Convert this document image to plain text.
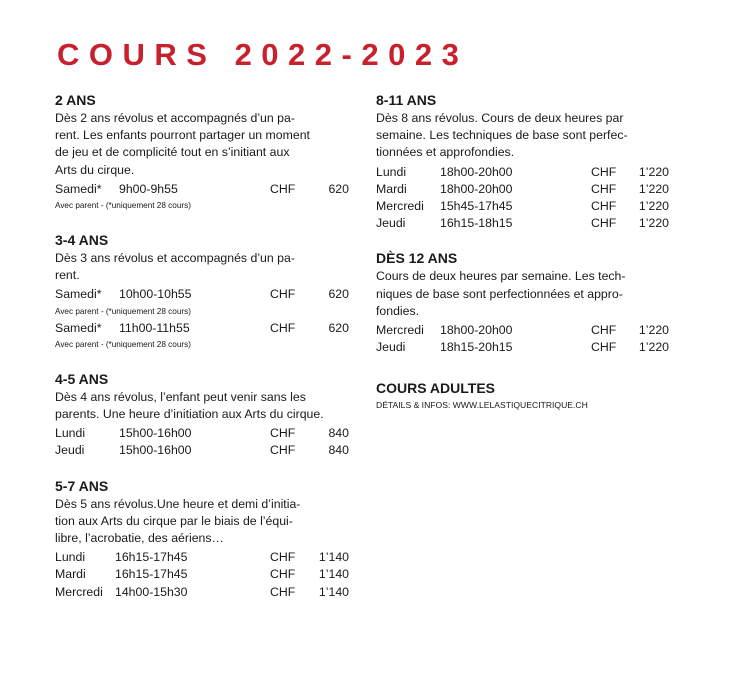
COURS 2022-2023
2 ANS
Dès 2 ans révolus et accompagnés d’un pa-
rent. Les enfants pourront partager un moment
de jeu et de complicité tout en s’initiant aux
Arts du cirque.
Samedi* 9h00-9h55	CHF	620
Avec parent - (*uniquement 28 cours)
3-4 ANS
Dès 3 ans révolus et accompagnés d’un pa-
rent.
Samedi* 10h00-10h55	CHF	620
Avec parent - (*uniquement 28 cours)
Samedi* 11h00-11h55	CHF	620
Avec parent - (*uniquement 28 cours)
4-5 ANS
Dès 4 ans révolus, l’enfant peut venir sans les
parents. Une heure d’initiation aux Arts du cirque.
Lundi	15h00-16h00	CHF	840
Jeudi	15h00-16h00	CHF	840
5-7 ANS
Dès 5 ans révolus.Une heure et demi d’initia-
tion aux Arts du cirque par le biais de l’équi-
libre, l’acrobatie, des aériens…
Lundi 16h15-17h45	CHF 1’140
Mardi 16h15-17h45	CHF 1’140
Mercredi 14h00-15h30	CHF 1’140
8-11 ANS
Dès 8 ans révolus. Cours de deux heures par
semaine. Les techniques de base sont perfec-
tionnées et approfondies.
Lundi	18h00-20h00	CHF 1’220
Mardi	18h00-20h00	CHF 1’220
Mercredi 15h45-17h45	CHF 1’220
Jeudi	16h15-18h15	CHF 1’220
DÈS 12 ANS
Cours de deux heures par semaine. Les tech-
niques de base sont perfectionnées et appro-
fondies.
Mercredi 18h00-20h00	CHF 1’220
Jeudi	18h15-20h15	CHF 1’220
COURS ADULTES
DÉTAILS & INFOS: WWW.LELASTIQUECITRIQUE.CH
